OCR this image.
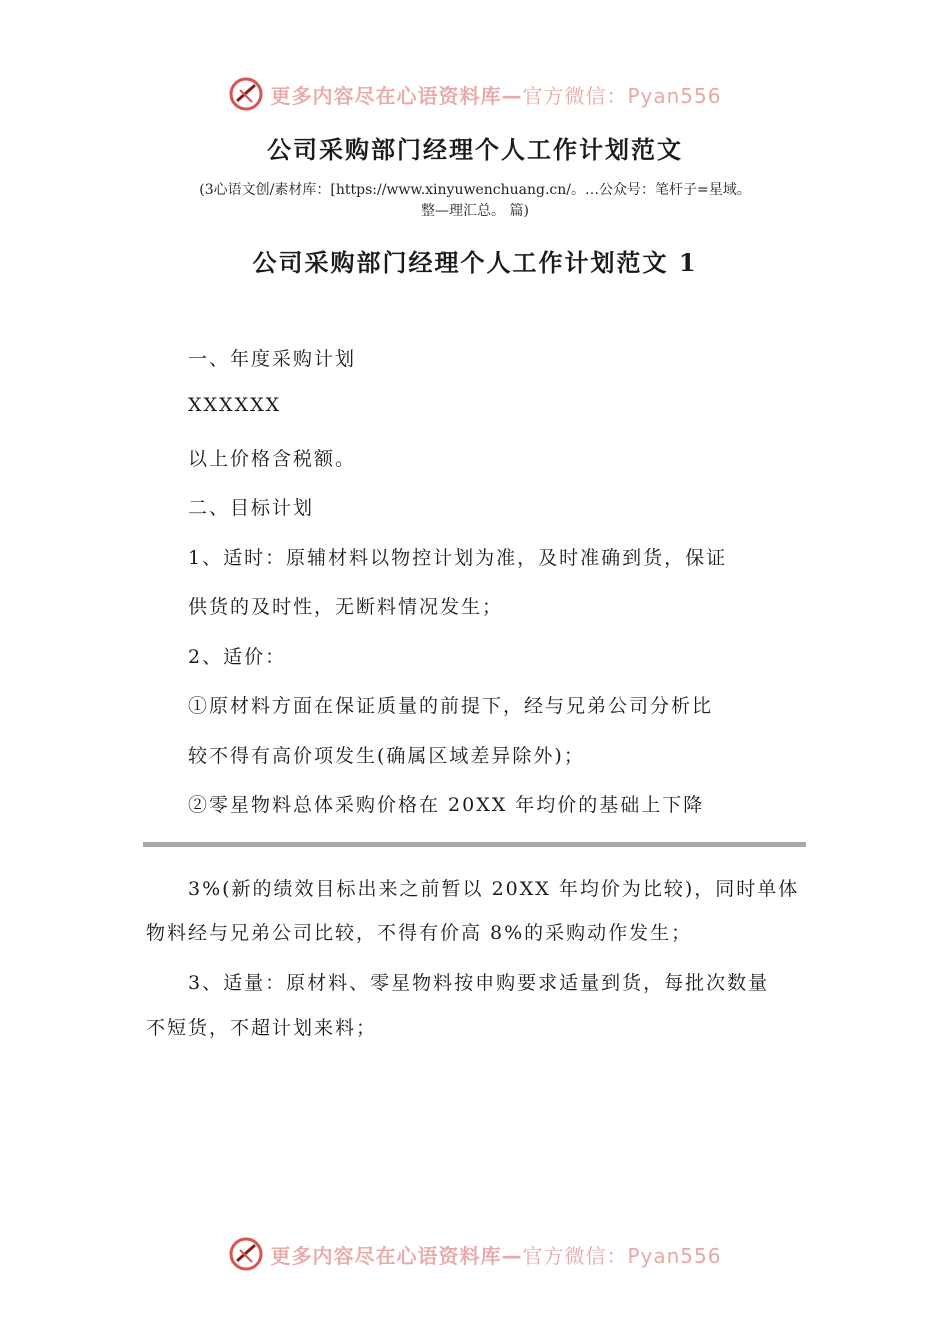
更多内容尽在心语资料库—官方微信：Pyan556
公司采购部门经理个人工作计划范文
(3心语文创/素材库：[https://www.xinyuwenchuang.cn/。…公众号：笔杆子=星域。
整—理汇总。 篇)
公司采购部门经理个人工作计划范文 1
一、年度采购计划
XXXXXX
以上价格含税额。
二、目标计划
1、适时：原辅材料以物控计划为准，及时准确到货，保证
供货的及时性，无断料情况发生；
2、适价：
①原材料方面在保证质量的前提下，经与兄弟公司分析比
较不得有高价项发生(确属区域差异除外)；
②零星物料总体采购价格在 20XX 年均价的基础上下降
3%(新的绩效目标出来之前暂以 20XX 年均价为比较)，同时单体
物料经与兄弟公司比较，不得有价高 8%的采购动作发生；
3、适量：原材料、零星物料按申购要求适量到货，每批次数量
不短货，不超计划来料；
更多内容尽在心语资料库—官方微信：Pyan556
